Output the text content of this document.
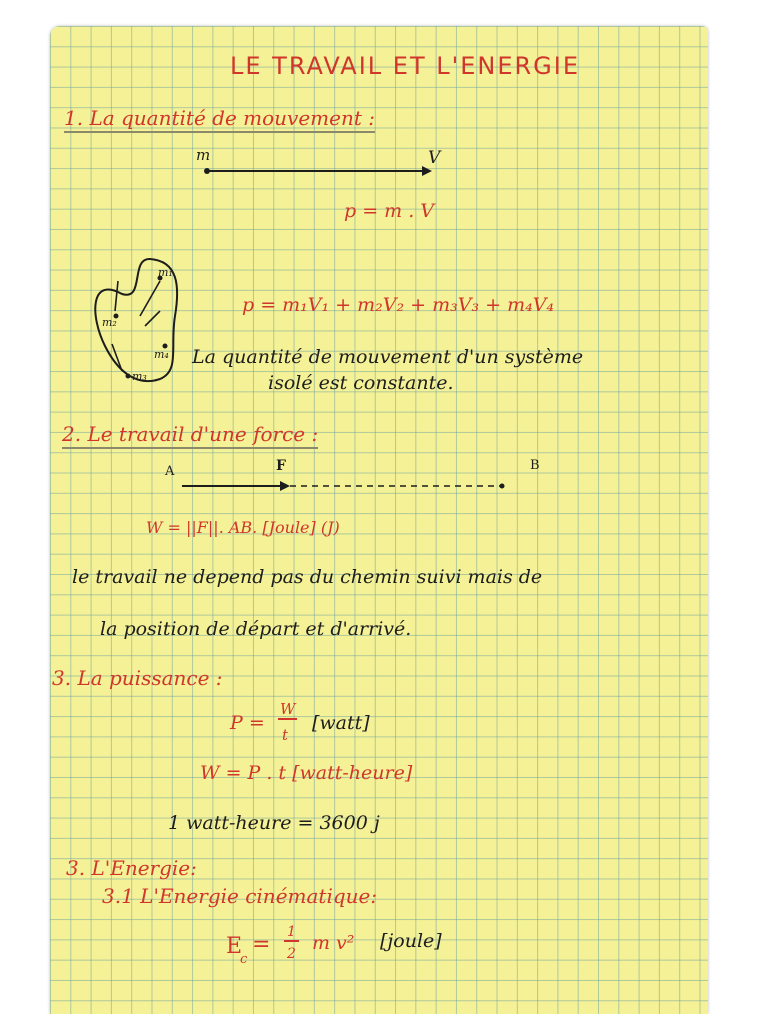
LE TRAVAIL ET L'ENERGIE
1. La quantité de mouvement :
m	V
p = m . V
p = m₁V₁ + m₂V₂ + m₃V₃ + m₄V₄
m₁
m₂
m₃
m₄ La quantité de mouvement d'un système
isolé est constante.
2. Le travail d'une force :
A	B
F
W = ||F||. AB. [Joule] (J)
le travail ne depend pas du chemin suivi mais de
la position de départ et d'arrivé.
3. La puissance :
P =
W
t
[watt]
W = P . t [watt-heure]
1 watt-heure = 3600 j
3. L'Energie:
3.1 L'Energie cinématique:
E
c
= 1
2 m v² [joule]
